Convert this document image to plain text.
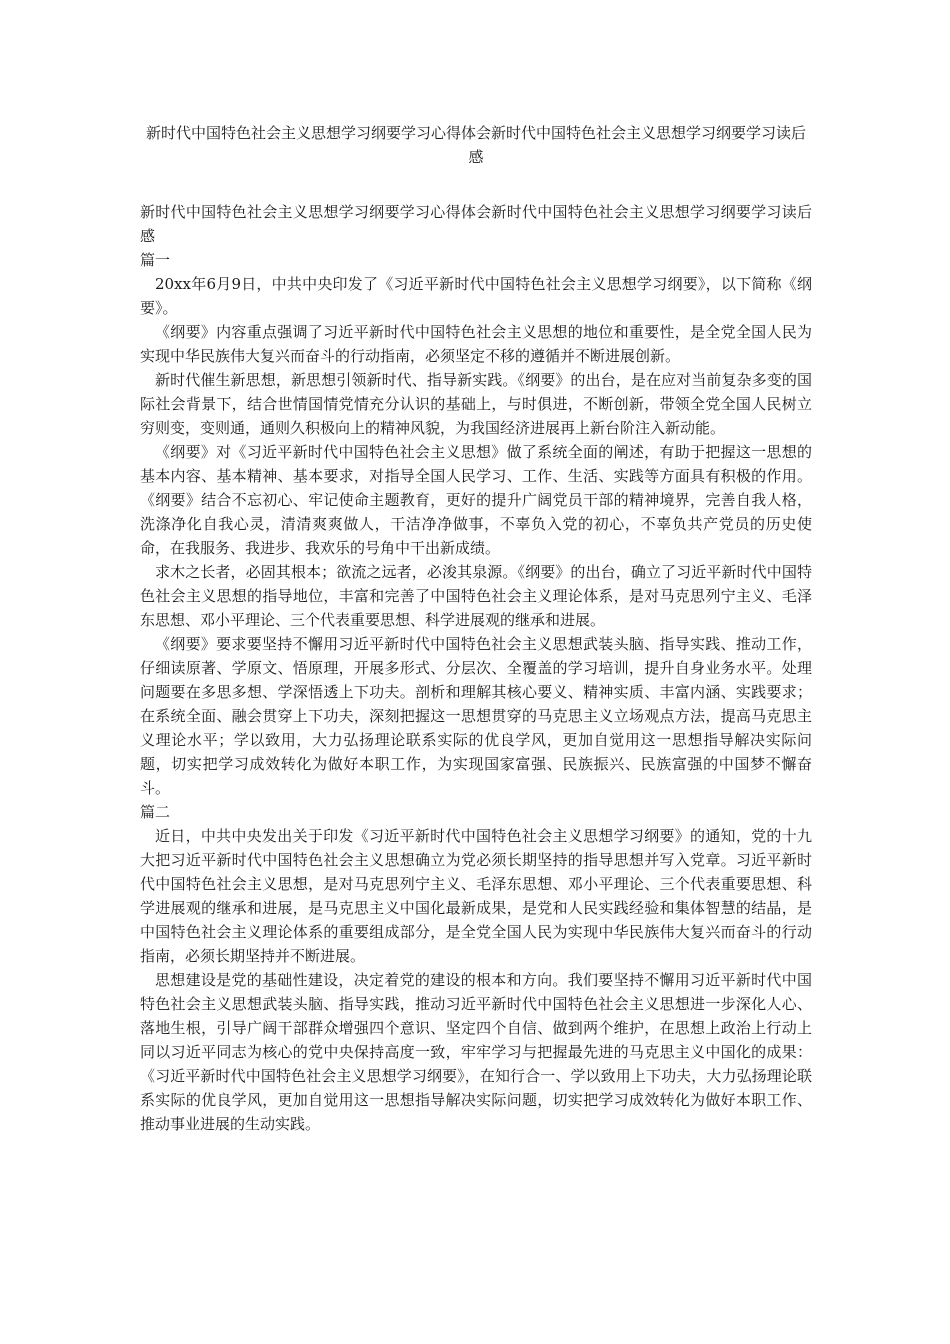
新时代中国特色社会主义思想学习纲要学习心得体会新时代中国特色社会主义思想学习纲要学习读后感

新时代中国特色社会主义思想学习纲要学习心得体会新时代中国特色社会主义思想学习纲要学习读后感

篇一

20xx年6月9日，中共中央印发了《习近平新时代中国特色社会主义思想学习纲要》，以下简称《纲要》。

《纲要》内容重点强调了习近平新时代中国特色社会主义思想的地位和重要性，是全党全国人民为实现中华民族伟大复兴而奋斗的行动指南，必须坚定不移的遵循并不断进展创新。

新时代催生新思想，新思想引领新时代、指导新实践。《纲要》的出台，是在应对当前复杂多变的国际社会背景下，结合世情国情党情充分认识的基础上，与时俱进，不断创新，带领全党全国人民树立穷则变，变则通，通则久积极向上的精神风貌，为我国经济进展再上新台阶注入新动能。

《纲要》对《习近平新时代中国特色社会主义思想》做了系统全面的阐述，有助于把握这一思想的基本内容、基本精神、基本要求，对指导全国人民学习、工作、生活、实践等方面具有积极的作用。《纲要》结合不忘初心、牢记使命主题教育，更好的提升广阔党员干部的精神境界，完善自我人格，洗涤净化自我心灵，清清爽爽做人，干洁净净做事，不辜负入党的初心，不辜负共产党员的历史使命，在我服务、我进步、我欢乐的号角中干出新成绩。

求木之长者，必固其根本；欲流之远者，必浚其泉源。《纲要》的出台，确立了习近平新时代中国特色社会主义思想的指导地位，丰富和完善了中国特色社会主义理论体系，是对马克思列宁主义、毛泽东思想、邓小平理论、三个代表重要思想、科学进展观的继承和进展。

《纲要》要求要坚持不懈用习近平新时代中国特色社会主义思想武装头脑、指导实践、推动工作，仔细读原著、学原文、悟原理，开展多形式、分层次、全覆盖的学习培训，提升自身业务水平。处理问题要在多思多想、学深悟透上下功夫。剖析和理解其核心要义、精神实质、丰富内涵、实践要求；在系统全面、融会贯穿上下功夫，深刻把握这一思想贯穿的马克思主义立场观点方法，提高马克思主义理论水平；学以致用，大力弘扬理论联系实际的优良学风，更加自觉用这一思想指导解决实际问题，切实把学习成效转化为做好本职工作，为实现国家富强、民族振兴、民族富强的中国梦不懈奋斗。

篇二

近日，中共中央发出关于印发《习近平新时代中国特色社会主义思想学习纲要》的通知，党的十九大把习近平新时代中国特色社会主义思想确立为党必须长期坚持的指导思想并写入党章。习近平新时代中国特色社会主义思想，是对马克思列宁主义、毛泽东思想、邓小平理论、三个代表重要思想、科学进展观的继承和进展，是马克思主义中国化最新成果，是党和人民实践经验和集体智慧的结晶，是中国特色社会主义理论体系的重要组成部分，是全党全国人民为实现中华民族伟大复兴而奋斗的行动指南，必须长期坚持并不断进展。

思想建设是党的基础性建设，决定着党的建设的根本和方向。我们要坚持不懈用习近平新时代中国特色社会主义思想武装头脑、指导实践，推动习近平新时代中国特色社会主义思想进一步深化人心、落地生根，引导广阔干部群众增强四个意识、坚定四个自信、做到两个维护，在思想上政治上行动上同以习近平同志为核心的党中央保持高度一致，牢牢学习与把握最先进的马克思主义中国化的成果：《习近平新时代中国特色社会主义思想学习纲要》，在知行合一、学以致用上下功夫，大力弘扬理论联系实际的优良学风，更加自觉用这一思想指导解决实际问题，切实把学习成效转化为做好本职工作、推动事业进展的生动实践。
